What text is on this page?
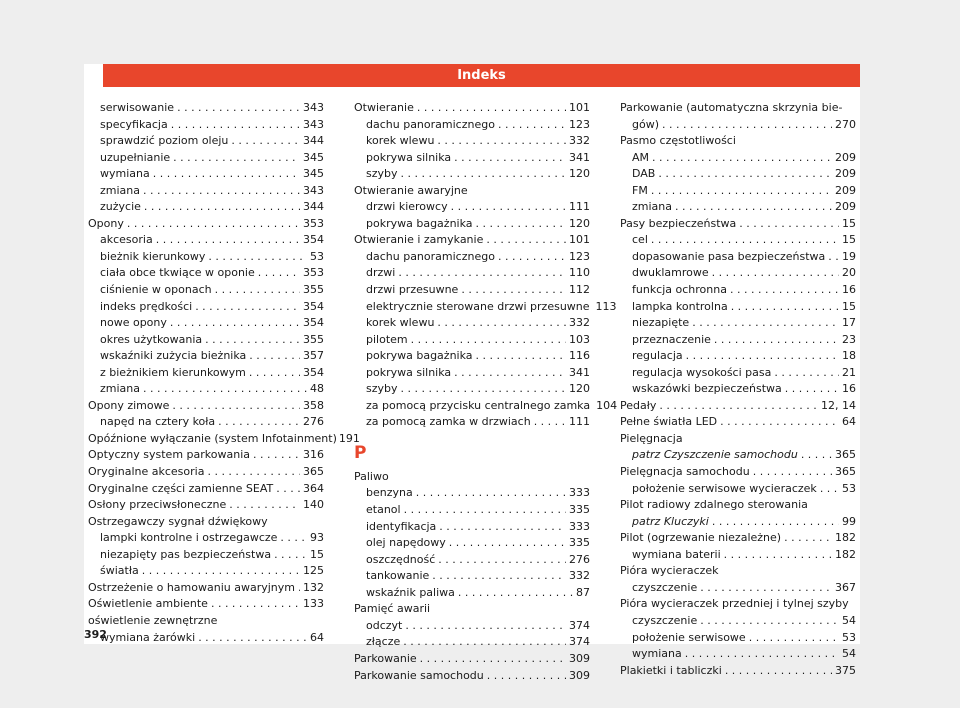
Indeks
serwisowanie . . .	343
specyfikacja . . .	343
sprawdzić poziom oleju . . .	344
uzupełnianie . . .	345
wymiana . . .	345
zmiana . . .	343
zużycie . . .	344
Opony . . .	353
akcesoria . . .	354
bieżnik kierunkowy . . .	53
ciała obce tkwiące w oponie . . .	353
ciśnienie w oponach . . .	355
indeks prędkości . . .	354
nowe opony . . .	354
okres użytkowania . . .	355
wskaźniki zużycia bieżnika . . .	357
z bieżnikiem kierunkowym . . .	354
zmiana . . .	48
Opony zimowe . . .	358
napęd na cztery koła . . .	276
Opóźnione wyłączanie (system Infotainment) 191
Optyczny system parkowania . . .	316
Oryginalne akcesoria . . .	365
Oryginalne części zamienne SEAT . . .	364
Osłony przeciwsłoneczne . . .	140
Ostrzegawczy sygnał dźwiękowy
lampki kontrolne i ostrzegawcze . . .	93
niezapięty pas bezpieczeństwa . . .	15
światła . . .	125
Ostrzeżenie o hamowaniu awaryjnym . . . 132
Oświetlenie ambiente . . .	133
oświetlenie zewnętrzne
wymiana żarówki . . .	64
Otwieranie . . .	101
dachu panoramicznego . . .	123
korek wlewu . . .	332
pokrywa silnika . . .	341
szyby . . .	120
Otwieranie awaryjne
drzwi kierowcy . . .	111
pokrywa bagażnika . . .	120
Otwieranie i zamykanie . . .	101
dachu panoramicznego . . .	123
drzwi . . .	110
drzwi przesuwne . . .	112
elektrycznie sterowane drzwi przesuwne 113
korek wlewu . . .	332
pilotem . . .	103
pokrywa bagażnika . . .	116
pokrywa silnika . . .	341
szyby . . .	120
za pomocą przycisku centralnego zamka 104
za pomocą zamka w drzwiach . . .	111
P
Paliwo
benzyna . . .	333
etanol . . .	335
identyfikacja . . .	333
olej napędowy . . .	335
oszczędność . . .	276
tankowanie . . .	332
wskaźnik paliwa . . .	87
Pamięć awarii
odczyt . . .	374
złącze . . .	374
Parkowanie . . .	309
Parkowanie samochodu . . .	309
Parkowanie (automatyczna skrzynia bie-
gów) . . .	270
Pasmo częstotliwości
AM . . .	209
DAB . . .	209
FM . . .	209
zmiana . . .	209
Pasy bezpieczeństwa . . .	15
cel . . .	15
dopasowanie pasa bezpieczeństwa . . . 19
dwuklamrowe . . .	20
funkcja ochronna . . .	16
lampka kontrolna . . .	15
niezapięte . . .	17
przeznaczenie . . .	23
regulacja . . .	18
regulacja wysokości pasa . . .	21
wskazówki bezpieczeństwa . . .	16
Pedały . . .	12, 14
Pełne światła LED . . .	64
Pielęgnacja
patrz Czyszczenie samochodu . . .	365
Pielęgnacja samochodu . . .	365
położenie serwisowe wycieraczek . . . 53
Pilot radiowy zdalnego sterowania
patrz Kluczyki . . .	99
Pilot (ogrzewanie niezależne) . . .	182
wymiana baterii . . .	182
Pióra wycieraczek
czyszczenie . . .	367
Pióra wycieraczek przedniej i tylnej szyby
czyszczenie . . .	54
położenie serwisowe . . .	53
wymiana . . .	54
Plakietki i tabliczki . . .	375
392
